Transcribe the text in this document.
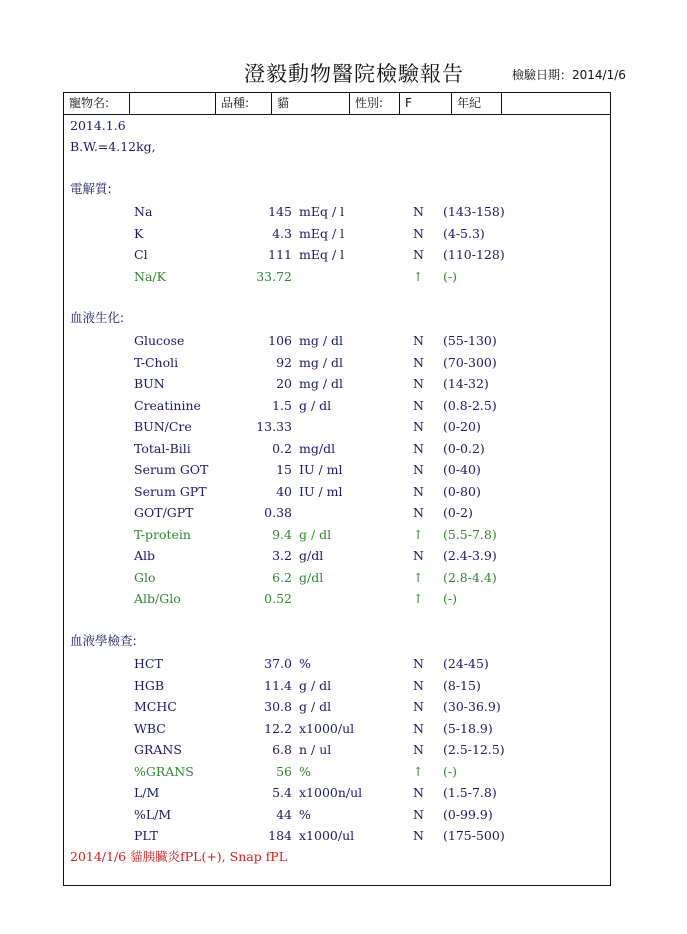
澄毅動物醫院檢驗報告	檢驗日期：2014/1/6
寵物名:	品種:	貓	性別:	F	年紀
2014.1.6
B.W.=4.12kg,
電解質:
Na	145 mEq / l	N (143-158)
K	4.3 mEq / l	N (4-5.3)
Cl	111 mEq / l	N (110-128)
Na/K	33.72	↑ (-)
血液生化:
Glucose	106 mg / dl	N (55-130)
T-Choli	92 mg / dl	N (70-300)
BUN	20 mg / dl	N (14-32)
Creatinine	1.5 g / dl	N (0.8-2.5)
BUN/Cre	13.33	N (0-20)
Total-Bili	0.2 mg/dl	N (0-0.2)
Serum GOT	15 IU / ml	N (0-40)
Serum GPT	40 IU / ml	N (0-80)
GOT/GPT	0.38	N (0-2)
T-protein	9.4 g / dl	↑ (5.5-7.8)
Alb	3.2 g/dl	N (2.4-3.9)
Glo	6.2 g/dl	↑ (2.8-4.4)
Alb/Glo	0.52	↑ (-)
血液學檢查:
HCT	37.0 %	N (24-45)
HGB	11.4 g / dl	N (8-15)
MCHC	30.8 g / dl	N (30-36.9)
WBC	12.2 x1000/ul	N (5-18.9)
GRANS	6.8 n / ul	N (2.5-12.5)
%GRANS	56 %	↑ (-)
L/M	5.4 x1000n/ul	N (1.5-7.8)
%L/M	44 %	N (0-99.9)
PLT	184 x1000/ul	N (175-500)
2014/1/6 貓胰臟炎fPL(+), Snap fPL
